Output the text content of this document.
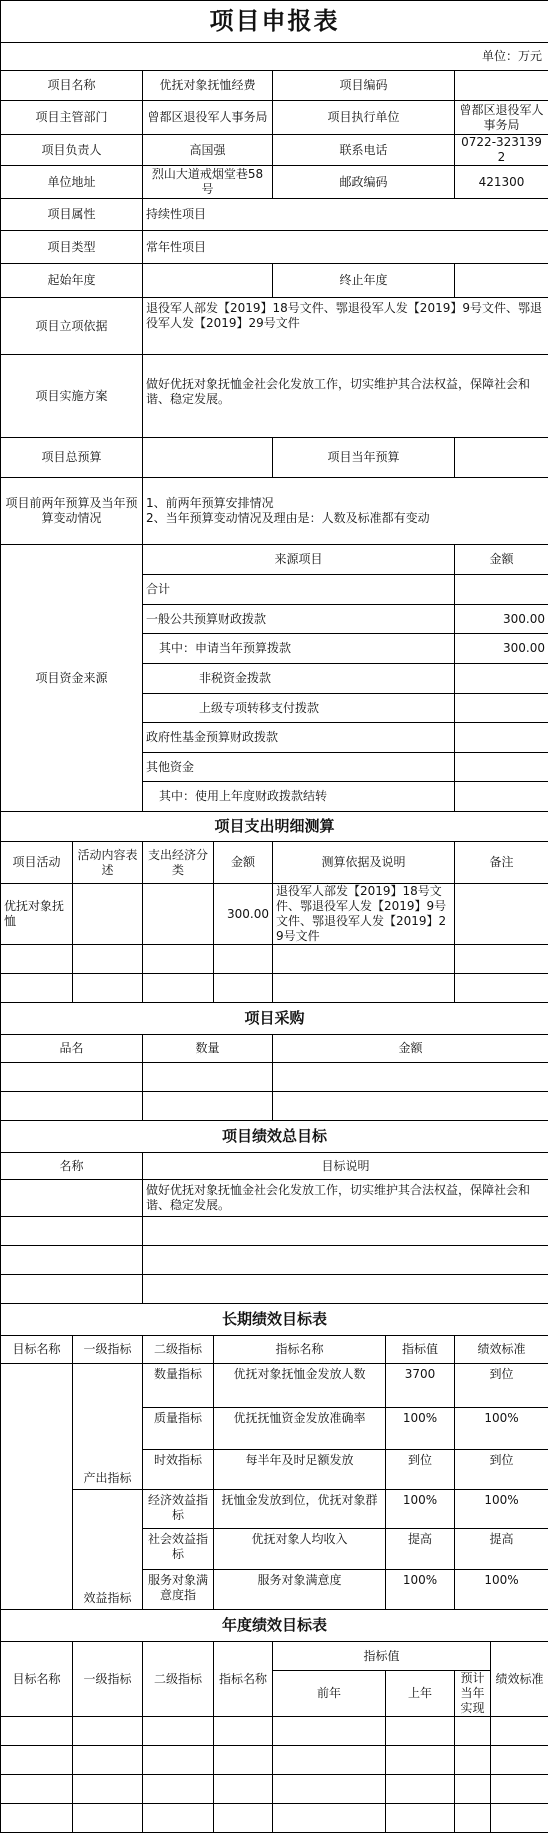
项目申报表							
单位：万元							
项目名称		优抚对象抚恤经费		项目编码			
项目主管部门		曾都区退役军人事务局		项目执行单位		曾都区退役军人事务局	
项目负责人		高国强		联系电话		0722-3231392	
单位地址		烈山大道戒烟堂巷58号		邮政编码		421300	
项目属性		持续性项目					
项目类型		常年性项目					
起始年度				终止年度			
项目立项依据		退役军人部发【2019】18号文件、鄂退役军人发【2019】9号文件、鄂退役军人发【2019】29号文件					
项目实施方案		做好优抚对象抚恤金社会化发放工作，切实维护其合法权益，保障社会和谐、稳定发展。					
项目总预算				项目当年预算			
项目前两年预算及当年预算变动情况		1、前两年预算安排情况
2、当年预算变动情况及理由是：人数及标准都有变动					

项目资金来源		来源项目				金额	
		合计					
		一般公共预算财政拨款				300.00	
		其中：申请当年预算拨款				300.00	
		非税资金拨款					
		上级专项转移支付拨款					
		政府性基金预算财政拨款					
		其他资金					
		其中：使用上年度财政拨款结转					
项目支出明细测算							
项目活动	活动内容表述	支出经济分类	金额	测算依据及说明		备注	
优抚对象抚恤			300.00	退役军人部发【2019】18号文件、鄂退役军人发【2019】9号文件、鄂退役军人发【2019】29号文件			

项目采购							
品名		数量		金额			

项目绩效总目标							
名称		目标说明					
		做好优抚对象抚恤金社会化发放工作，切实维护其合法权益，保障社会和谐、稳定发展。					

长期绩效目标表							
目标名称	一级指标	二级指标	指标名称		指标值	绩效标准	
	产出指标	数量指标	优抚对象抚恤金发放人数		3700	到位	
		质量指标	优抚抚恤资金发放准确率		100%	100%	
		时效指标	每半年及时足额发放		到位	到位	
	效益指标	经济效益指标	抚恤金发放到位，优抚对象群		100%	100%	
		社会效益指标	优抚对象人均收入		提高	提高	
		服务对象满意度指	服务对象满意度		100%	100%	
年度绩效目标表							
目标名称	一级指标	二级指标	指标名称	指标值			绩效标准
				前年	上年	预计当年实现	
